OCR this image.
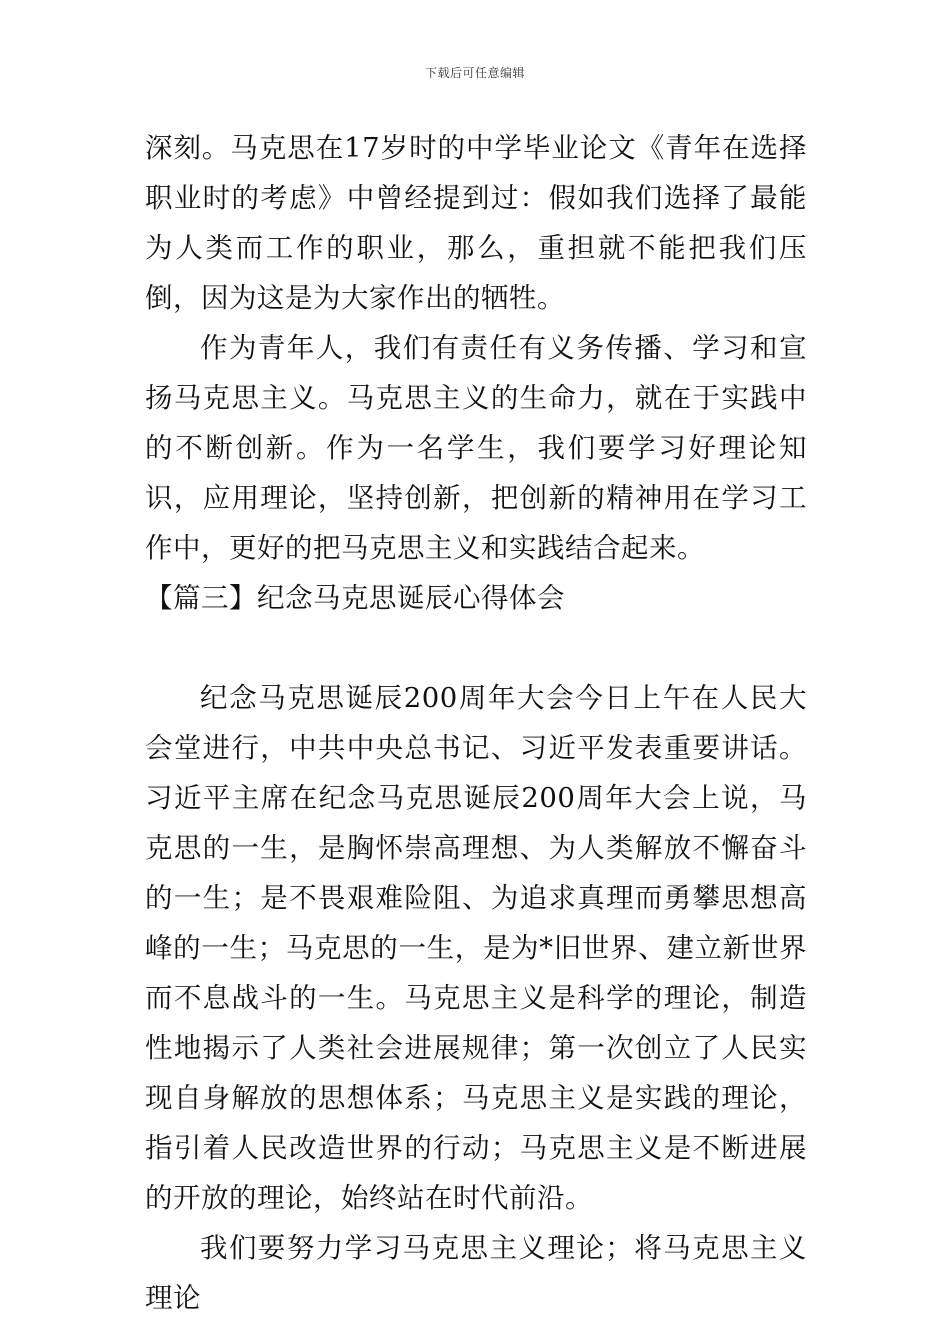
下载后可任意编辑

深刻。马克思在17岁时的中学毕业论文《青年在选择职业时的考虑》中曾经提到过：假如我们选择了最能为人类而工作的职业，那么，重担就不能把我们压倒，因为这是为大家作出的牺牲。

作为青年人，我们有责任有义务传播、学习和宣扬马克思主义。马克思主义的生命力，就在于实践中的不断创新。作为一名学生，我们要学习好理论知识，应用理论，坚持创新，把创新的精神用在学习工作中，更好的把马克思主义和实践结合起来。

【篇三】纪念马克思诞辰心得体会

纪念马克思诞辰200周年大会今日上午在人民大会堂进行，中共中央总书记、习近平发表重要讲话。习近平主席在纪念马克思诞辰200周年大会上说，马克思的一生，是胸怀崇高理想、为人类解放不懈奋斗的一生；是不畏艰难险阻、为追求真理而勇攀思想高峰的一生；马克思的一生，是为*旧世界、建立新世界而不息战斗的一生。马克思主义是科学的理论，制造性地揭示了人类社会进展规律；第一次创立了人民实现自身解放的思想体系；马克思主义是实践的理论，指引着人民改造世界的行动；马克思主义是不断进展的开放的理论，始终站在时代前沿。

我们要努力学习马克思主义理论；将马克思主义理论
